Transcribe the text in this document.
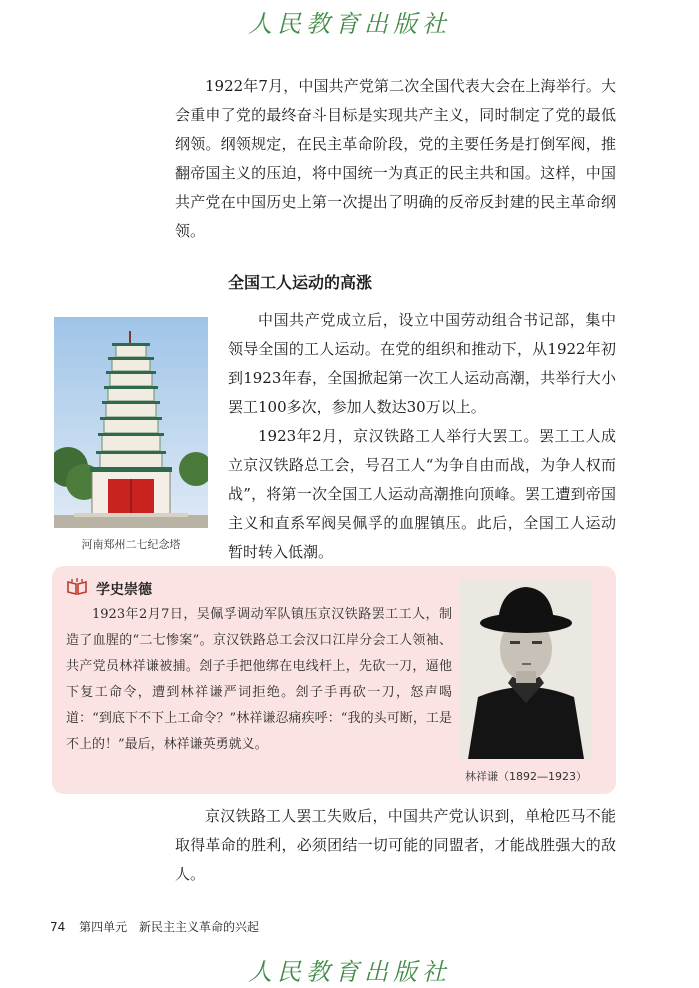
人民教育出版社

1922年7月，中国共产党第二次全国代表大会在上海举行。大会重申了党的最终奋斗目标是实现共产主义，同时制定了党的最低纲领。纲领规定，在民主革命阶段，党的主要任务是打倒军阀，推翻帝国主义的压迫，将中国统一为真正的民主共和国。这样，中国共产党在中国历史上第一次提出了明确的反帝反封建的民主革命纲领。

全国工人运动的高涨
河南郑州二七纪念塔

中国共产党成立后，设立中国劳动组合书记部，集中领导全国的工人运动。在党的组织和推动下，从1922年初到1923年春，全国掀起第一次工人运动高潮，共举行大小罢工100多次，参加人数达30万以上。

1923年2月，京汉铁路工人举行大罢工。罢工工人成立京汉铁路总工会，号召工人“为争自由而战，为争人权而战”，将第一次全国工人运动高潮推向顶峰。罢工遭到帝国主义和直系军阀吴佩孚的血腥镇压。此后，全国工人运动暂时转入低潮。

学史崇德

1923年2月7日，吴佩孚调动军队镇压京汉铁路罢工工人，制造了血腥的“二七惨案”。京汉铁路总工会汉口江岸分会工人领袖、共产党员林祥谦被捕。刽子手把他绑在电线杆上，先砍一刀，逼他下复工命令，遭到林祥谦严词拒绝。刽子手再砍一刀，怒声喝道：“到底下不下上工命令？”林祥谦忍痛疾呼：“我的头可断，工是不上的！”最后，林祥谦英勇就义。

林祥谦（1892—1923）

京汉铁路工人罢工失败后，中国共产党认识到，单枪匹马不能取得革命的胜利，必须团结一切可能的同盟者，才能战胜强大的敌人。

74 第四单元 新民主主义革命的兴起
人民教育出版社
